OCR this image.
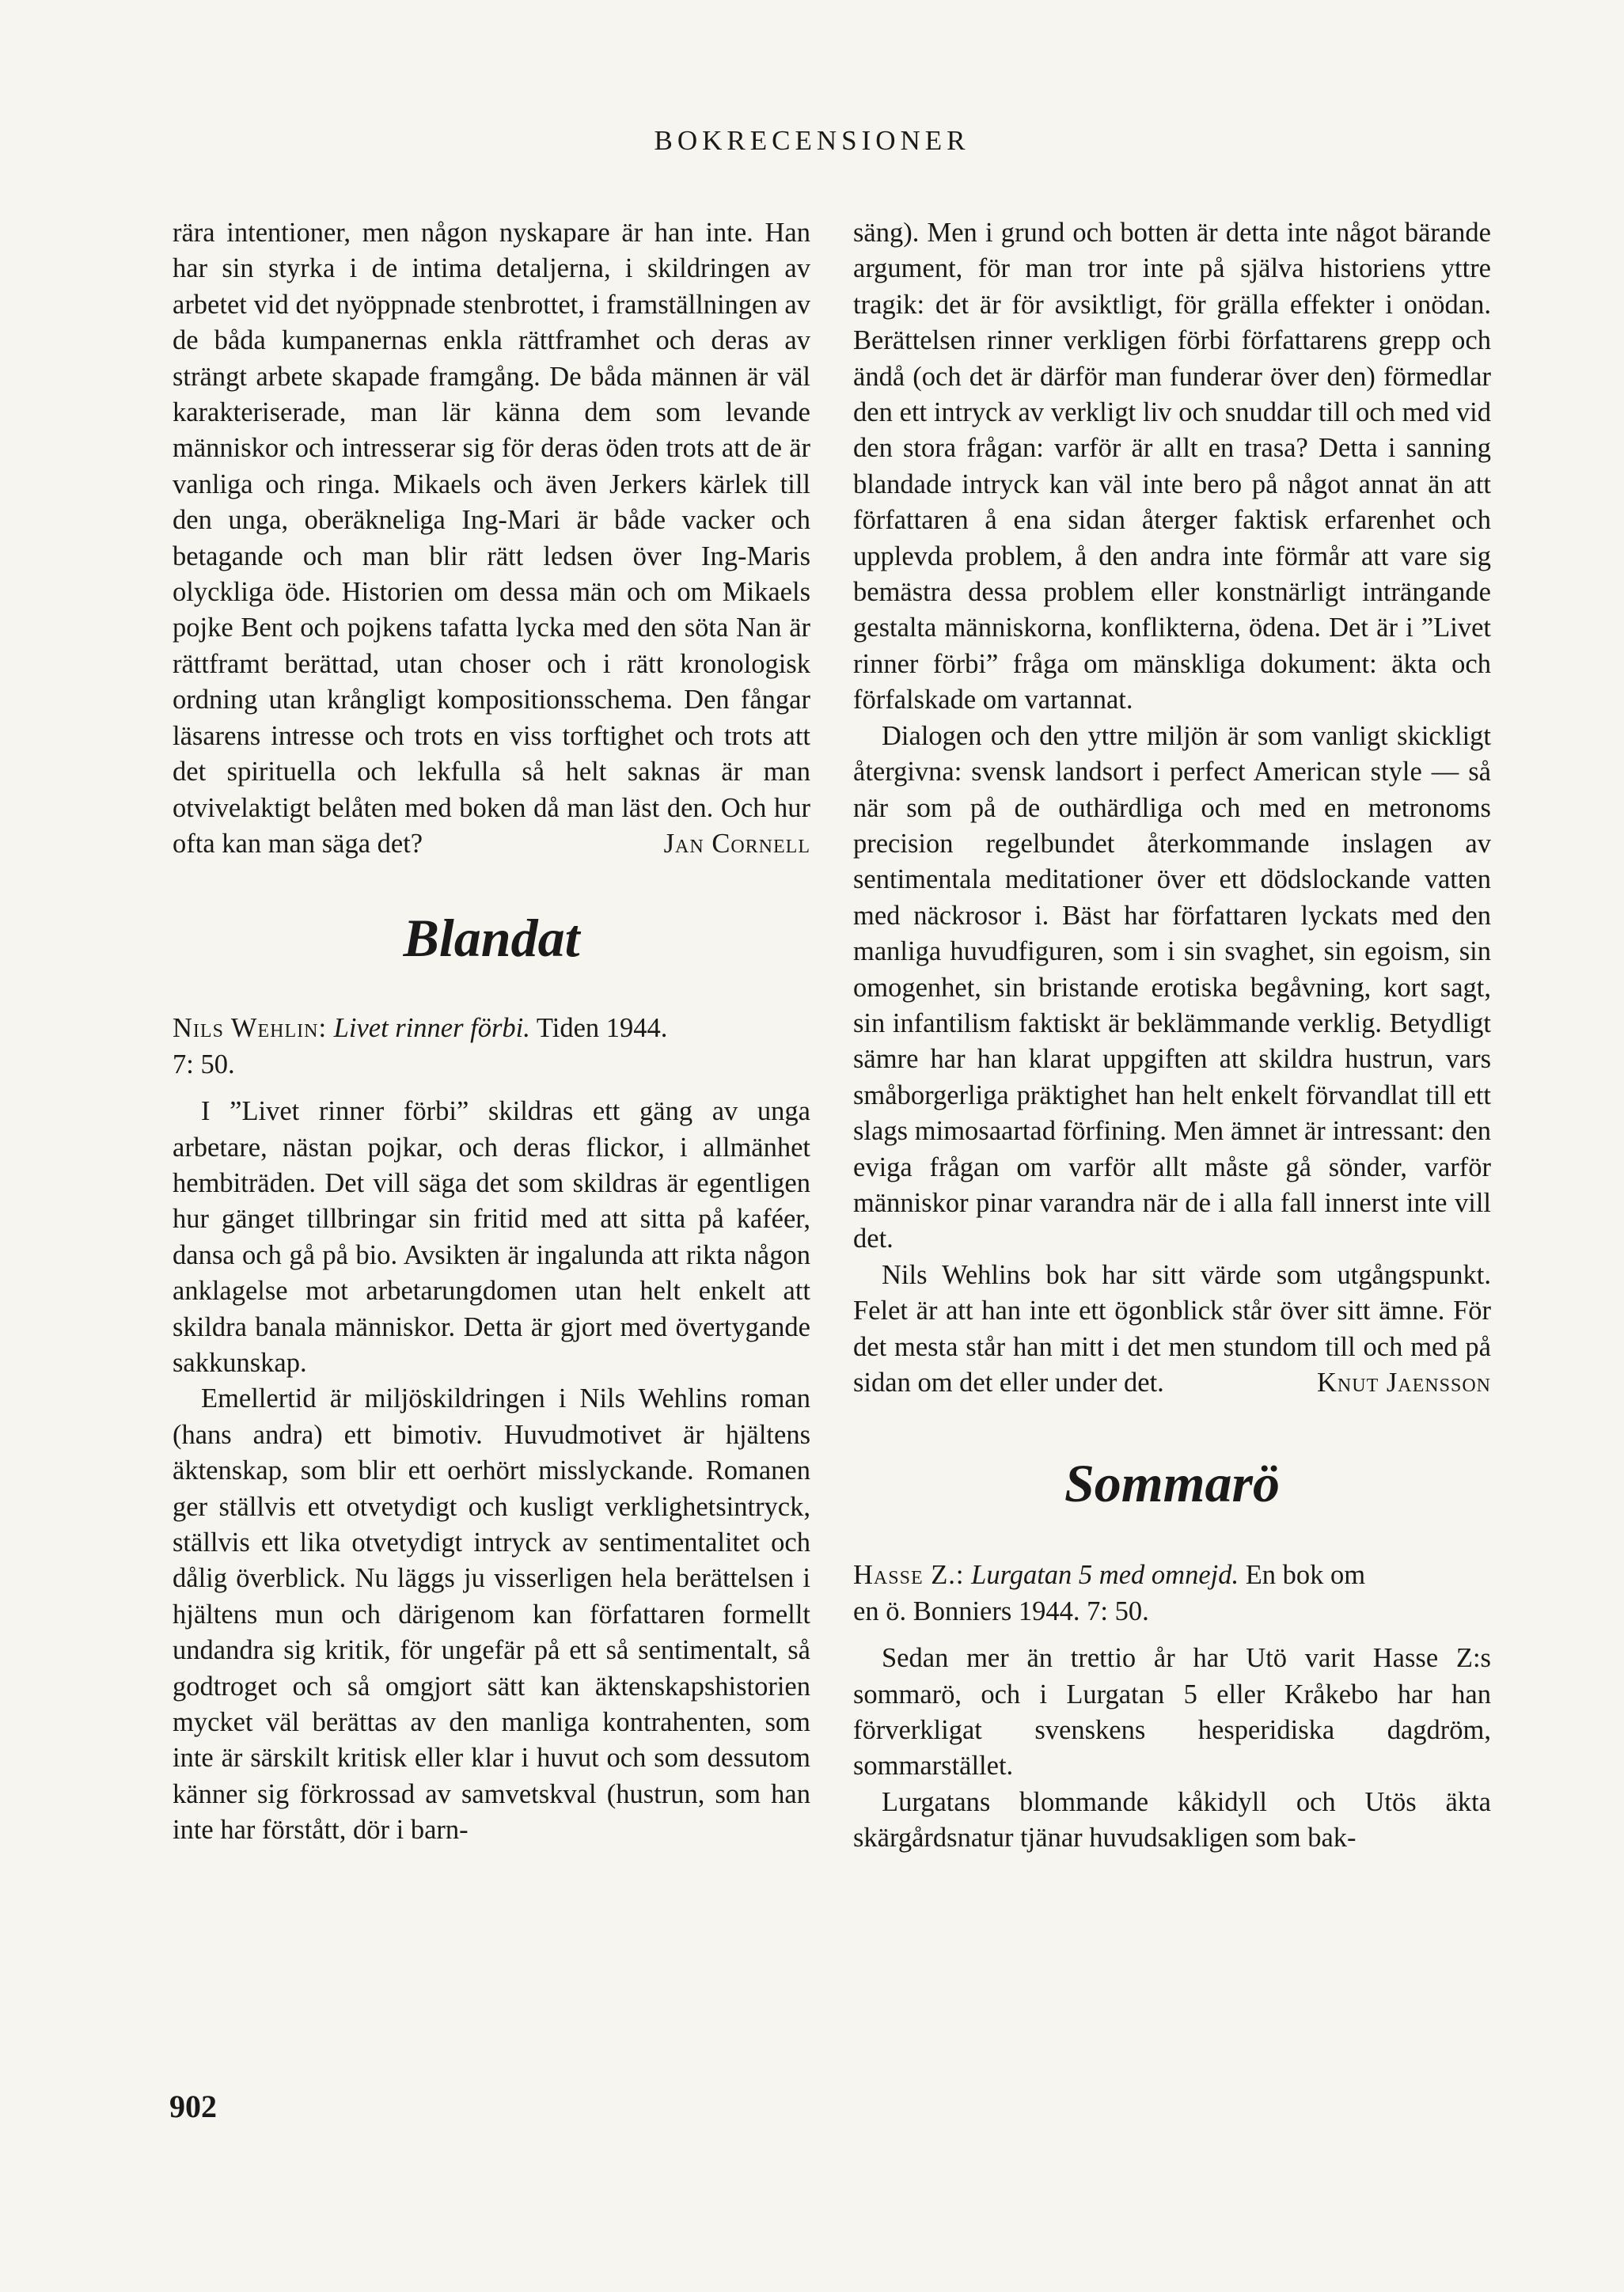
BOKRECENSIONER

rära intentioner, men någon nyskapare är han inte. Han har sin styrka i de intima detaljerna, i skildringen av arbetet vid det nyöppnade stenbrottet, i framställningen av de båda kumpanernas enkla rättframhet och deras av strängt arbete skapade framgång. De båda männen är väl karakteriserade, man lär känna dem som levande människor och intresserar sig för deras öden trots att de är vanliga och ringa. Mikaels och även Jerkers kärlek till den unga, oberäkneliga Ing-Mari är både vacker och betagande och man blir rätt ledsen över Ing-Maris olyckliga öde. Historien om dessa män och om Mikaels pojke Bent och pojkens tafatta lycka med den söta Nan är rättframt berättad, utan choser och i rätt kronologisk ordning utan krångligt kompositionsschema. Den fångar läsarens intresse och trots en viss torftighet och trots att det spirituella och lekfulla så helt saknas är man otvivelaktigt belåten med boken då man läst den. Och hur ofta kan man säga det?	Jan Cornell

Blandat

Nils Wehlin: Livet rinner förbi. Tiden 1944.
7: 50.

I ”Livet rinner förbi” skildras ett gäng av unga arbetare, nästan pojkar, och deras flickor, i allmänhet hembiträden. Det vill säga det som skildras är egentligen hur gänget tillbringar sin fritid med att sitta på kaféer, dansa och gå på bio. Avsikten är ingalunda att rikta någon anklagelse mot arbetarungdomen utan helt enkelt att skildra banala människor. Detta är gjort med övertygande sakkunskap.

Emellertid är miljöskildringen i Nils Wehlins roman (hans andra) ett bimotiv. Huvudmotivet är hjältens äktenskap, som blir ett oerhört misslyckande. Romanen ger ställvis ett otvetydigt och kusligt verklighetsintryck, ställvis ett lika otvetydigt intryck av sentimentalitet och dålig överblick. Nu läggs ju visserligen hela berättelsen i hjältens mun och därigenom kan författaren formellt undandra sig kritik, för ungefär på ett så sentimentalt, så godtroget och så omgjort sätt kan äktenskapshistorien mycket väl berättas av den manliga kontrahenten, som inte är särskilt kritisk eller klar i huvut och som dessutom känner sig förkrossad av samvetskval (hustrun, som han inte har förstått, dör i barn-

säng). Men i grund och botten är detta inte något bärande argument, för man tror inte på själva historiens yttre tragik: det är för avsiktligt, för grälla effekter i onödan. Berättelsen rinner verkligen förbi författarens grepp och ändå (och det är därför man funderar över den) förmedlar den ett intryck av verkligt liv och snuddar till och med vid den stora frågan: varför är allt en trasa? Detta i sanning blandade intryck kan väl inte bero på något annat än att författaren å ena sidan återger faktisk erfarenhet och upplevda problem, å den andra inte förmår att vare sig bemästra dessa problem eller konstnärligt inträngande gestalta människorna, konflikterna, ödena. Det är i ”Livet rinner förbi” fråga om mänskliga dokument: äkta och förfalskade om vartannat.

Dialogen och den yttre miljön är som vanligt skickligt återgivna: svensk landsort i perfect American style — så när som på de outhärdliga och med en metronoms precision regelbundet återkommande inslagen av sentimentala meditationer över ett dödslockande vatten med näckrosor i. Bäst har författaren lyckats med den manliga huvudfiguren, som i sin svaghet, sin egoism, sin omogenhet, sin bristande erotiska begåvning, kort sagt, sin infantilism faktiskt är beklämmande verklig. Betydligt sämre har han klarat uppgiften att skildra hustrun, vars småborgerliga präktighet han helt enkelt förvandlat till ett slags mimosaartad förfining. Men ämnet är intressant: den eviga frågan om varför allt måste gå sönder, varför människor pinar varandra när de i alla fall innerst inte vill det.

Nils Wehlins bok har sitt värde som utgångspunkt. Felet är att han inte ett ögonblick står över sitt ämne. För det mesta står han mitt i det men stundom till och med på sidan om det eller under det.	Knut Jaensson

Sommarö

Hasse Z.: Lurgatan 5 med omnejd. En bok om
en ö. Bonniers 1944. 7: 50.

Sedan mer än trettio år har Utö varit Hasse Z:s sommarö, och i Lurgatan 5 eller Kråkebo har han förverkligat svenskens hesperidiska dagdröm, sommarstället.

Lurgatans blommande kåkidyll och Utös äkta skärgårdsnatur tjänar huvudsakligen som bak-

902
